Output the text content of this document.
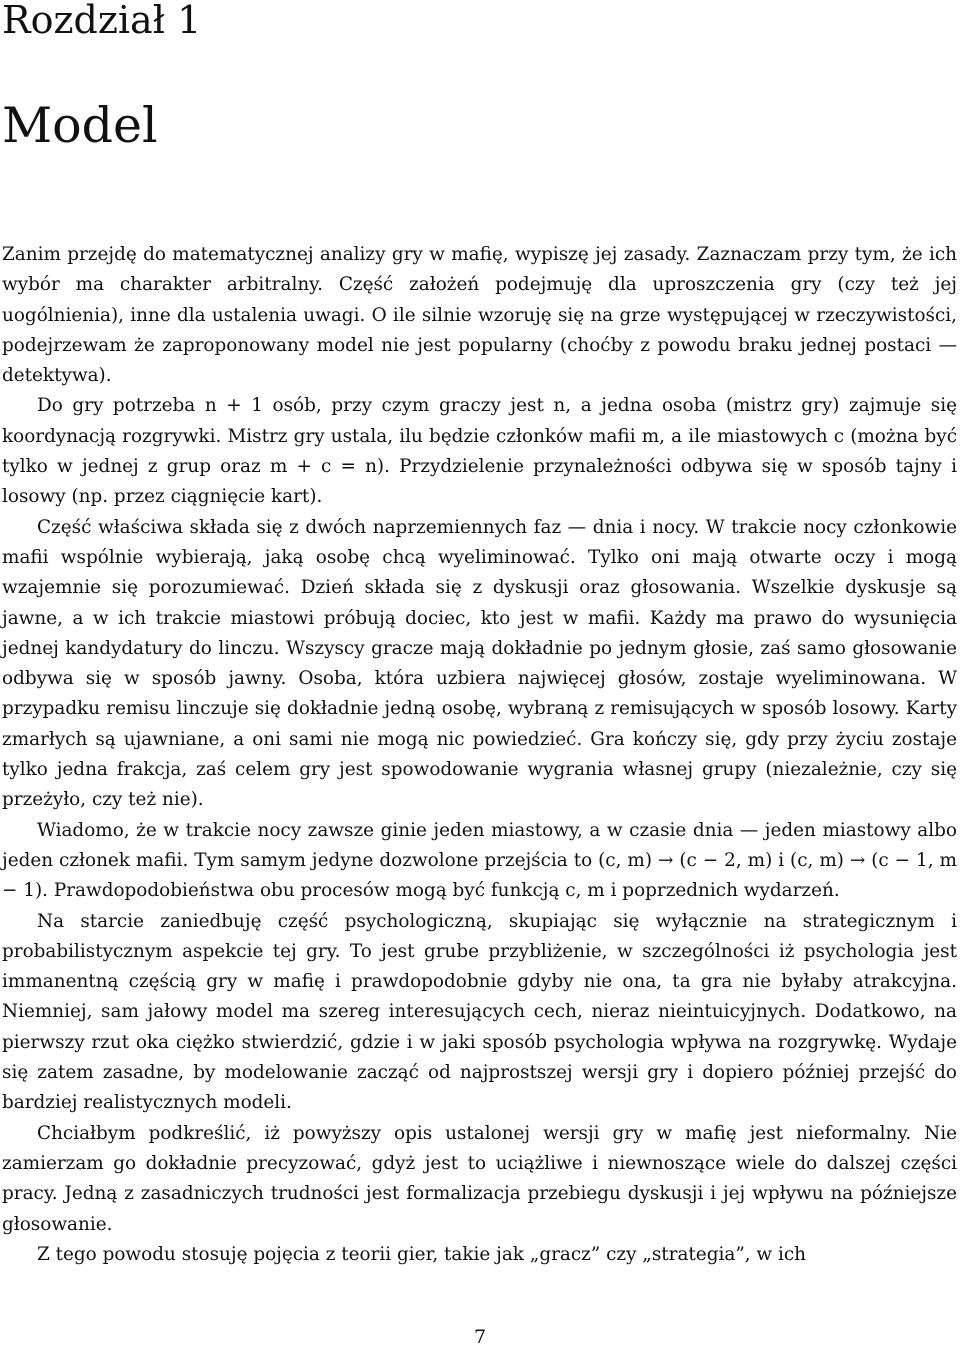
Rozdział 1
Model

Zanim przejdę do matematycznej analizy gry w mafię, wypiszę jej zasady. Zaznaczam przy tym, że ich wybór ma charakter arbitralny. Część założeń podejmuję dla uproszczenia gry (czy też jej uogólnienia), inne dla ustalenia uwagi. O ile silnie wzoruję się na grze występującej w rzeczywistości, podejrzewam że zaproponowany model nie jest popularny (choćby z powodu braku jednej postaci — detektywa).

Do gry potrzeba n + 1 osób, przy czym graczy jest n, a jedna osoba (mistrz gry) zajmuje się koordynacją rozgrywki. Mistrz gry ustala, ilu będzie członków mafii m, a ile miastowych c (można być tylko w jednej z grup oraz m + c = n). Przydzielenie przynależności odbywa się w sposób tajny i losowy (np. przez ciągnięcie kart).

Część właściwa składa się z dwóch naprzemiennych faz — dnia i nocy. W trakcie nocy członkowie mafii wspólnie wybierają, jaką osobę chcą wyeliminować. Tylko oni mają otwarte oczy i mogą wzajemnie się porozumiewać. Dzień składa się z dyskusji oraz głosowania. Wszelkie dyskusje są jawne, a w ich trakcie miastowi próbują dociec, kto jest w mafii. Każdy ma prawo do wysunięcia jednej kandydatury do linczu. Wszyscy gracze mają dokładnie po jednym głosie, zaś samo głosowanie odbywa się w sposób jawny. Osoba, która uzbiera najwięcej głosów, zostaje wyeliminowana. W przypadku remisu linczuje się dokładnie jedną osobę, wybraną z remisujących w sposób losowy. Karty zmarłych są ujawniane, a oni sami nie mogą nic powiedzieć. Gra kończy się, gdy przy życiu zostaje tylko jedna frakcja, zaś celem gry jest spowodowanie wygrania własnej grupy (niezależnie, czy się przeżyło, czy też nie).

Wiadomo, że w trakcie nocy zawsze ginie jeden miastowy, a w czasie dnia — jeden miastowy albo jeden członek mafii. Tym samym jedyne dozwolone przejścia to (c, m) → (c − 2, m) i (c, m) → (c − 1, m − 1). Prawdopodobieństwa obu procesów mogą być funkcją c, m i poprzednich wydarzeń.

Na starcie zaniedbuję część psychologiczną, skupiając się wyłącznie na strategicznym i probabilistycznym aspekcie tej gry. To jest grube przybliżenie, w szczególności iż psychologia jest immanentną częścią gry w mafię i prawdopodobnie gdyby nie ona, ta gra nie byłaby atrakcyjna. Niemniej, sam jałowy model ma szereg interesujących cech, nieraz nieintuicyjnych. Dodatkowo, na pierwszy rzut oka ciężko stwierdzić, gdzie i w jaki sposób psychologia wpływa na rozgrywkę. Wydaje się zatem zasadne, by modelowanie zacząć od najprostszej wersji gry i dopiero później przejść do bardziej realistycznych modeli.

Chciałbym podkreślić, iż powyższy opis ustalonej wersji gry w mafię jest nieformalny. Nie zamierzam go dokładnie precyzować, gdyż jest to uciążliwe i niewnoszące wiele do dalszej części pracy. Jedną z zasadniczych trudności jest formalizacja przebiegu dyskusji i jej wpływu na późniejsze głosowanie.

Z tego powodu stosuję pojęcia z teorii gier, takie jak „gracz” czy „strategia”, w ich

7
